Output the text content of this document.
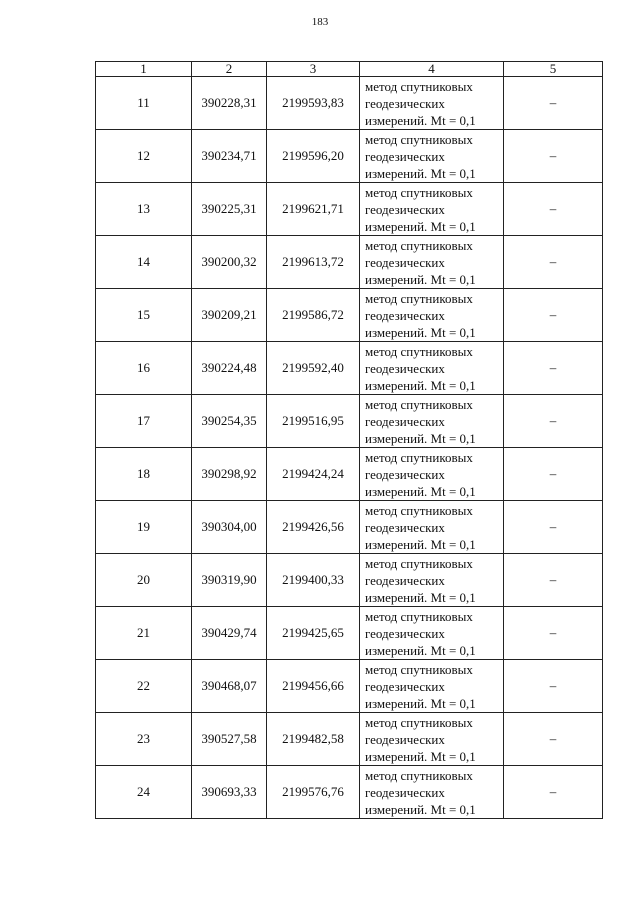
183
1	2	3	4	5
11	390228,31	2199593,83	метод спутниковых
геодезических
измерений. Mt = 0,1	–
12	390234,71	2199596,20	метод спутниковых
геодезических
измерений. Mt = 0,1	–
13	390225,31	2199621,71	метод спутниковых
геодезических
измерений. Mt = 0,1	–
14	390200,32	2199613,72	метод спутниковых
геодезических
измерений. Mt = 0,1	–
15	390209,21	2199586,72	метод спутниковых
геодезических
измерений. Mt = 0,1	–
16	390224,48	2199592,40	метод спутниковых
геодезических
измерений. Mt = 0,1	–
17	390254,35	2199516,95	метод спутниковых
геодезических
измерений. Mt = 0,1	–
18	390298,92	2199424,24	метод спутниковых
геодезических
измерений. Mt = 0,1	–
19	390304,00	2199426,56	метод спутниковых
геодезических
измерений. Mt = 0,1	–
20	390319,90	2199400,33	метод спутниковых
геодезических
измерений. Mt = 0,1	–
21	390429,74	2199425,65	метод спутниковых
геодезических
измерений. Mt = 0,1	–
22	390468,07	2199456,66	метод спутниковых
геодезических
измерений. Mt = 0,1	–
23	390527,58	2199482,58	метод спутниковых
геодезических
измерений. Mt = 0,1	–
24	390693,33	2199576,76	метод спутниковых
геодезических
измерений. Mt = 0,1	–
